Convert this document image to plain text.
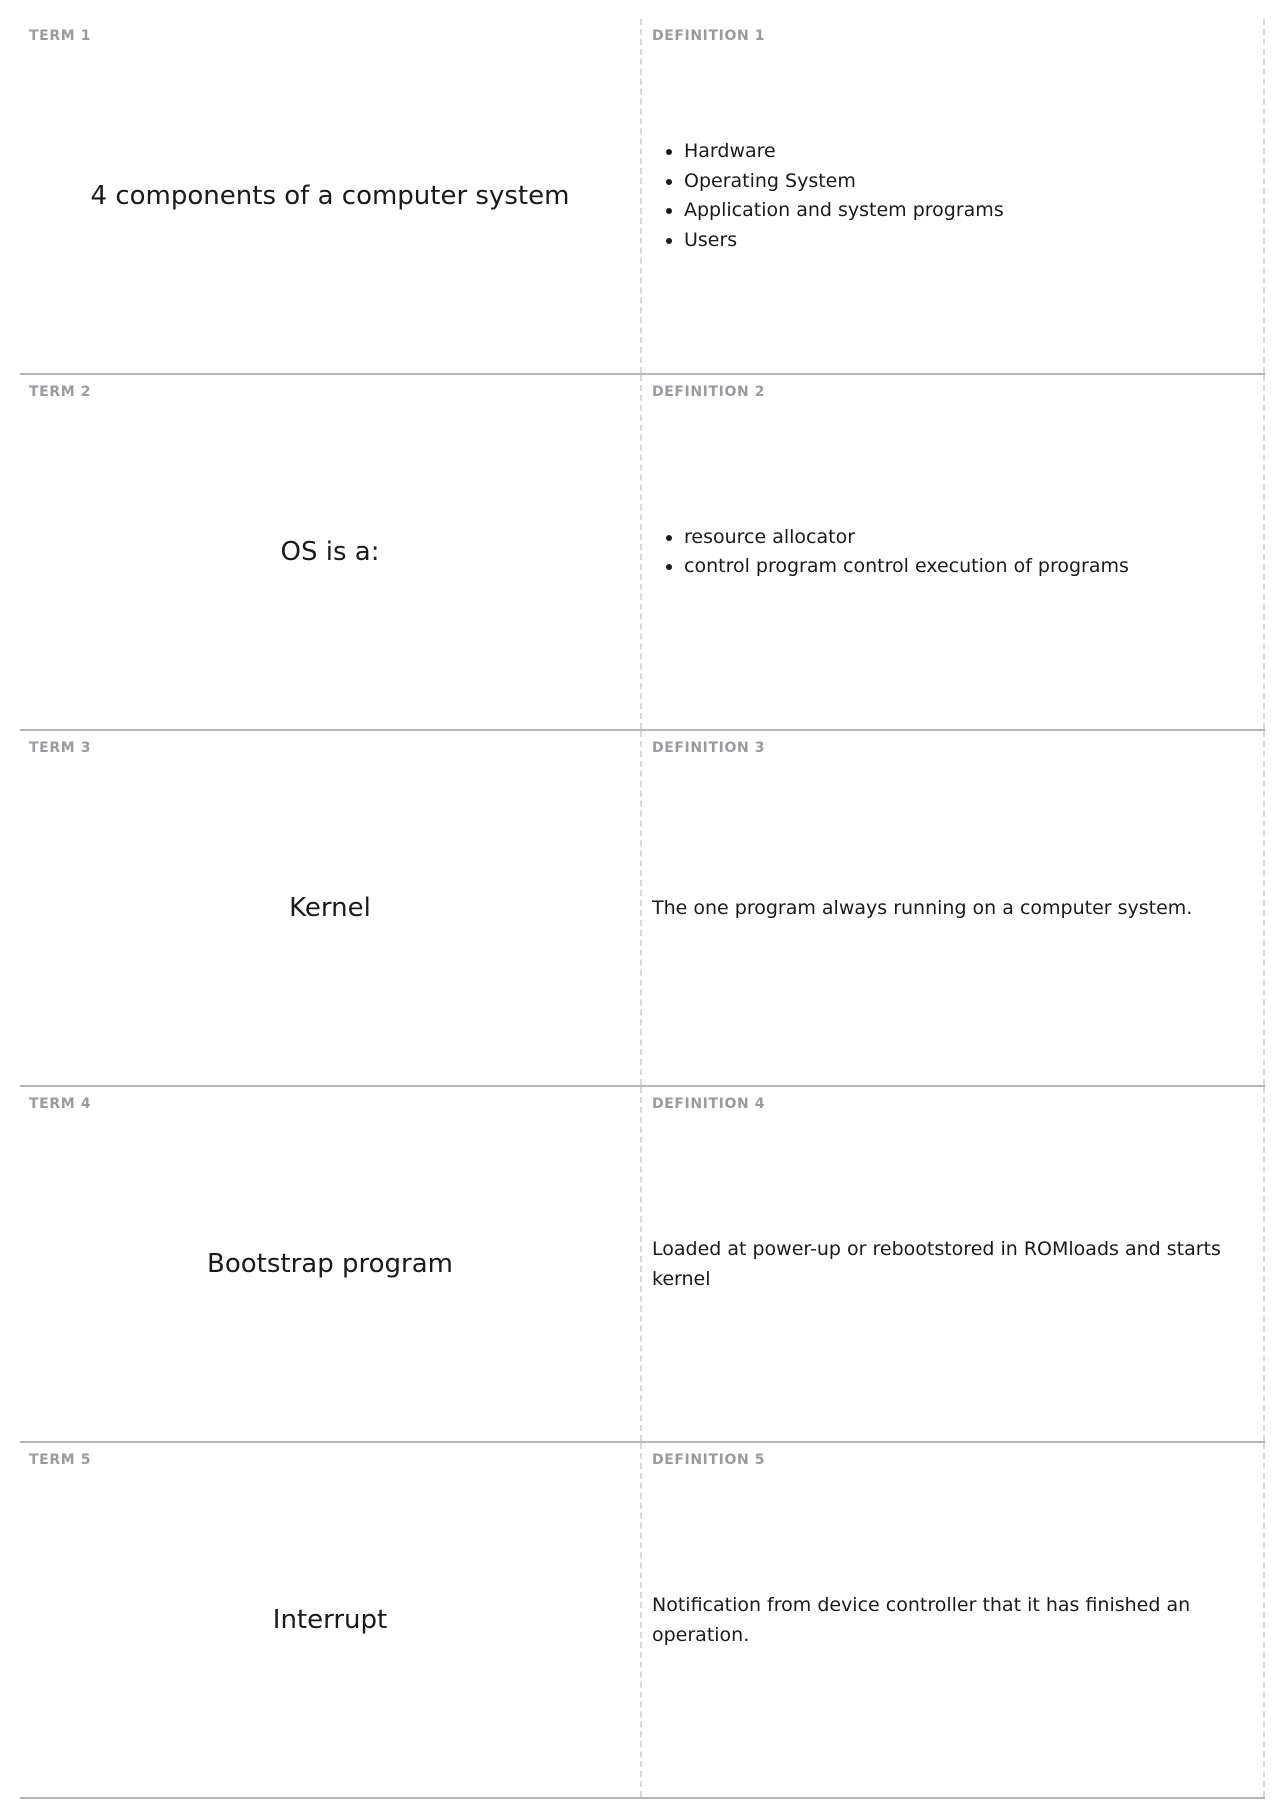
TERM 1
4 components of a computer system
DEFINITION 1
• Hardware
• Operating System
• Application and system programs
• Users
TERM 2
OS is a:
DEFINITION 2
• resource allocator
• control program control execution of programs
TERM 3
Kernel
DEFINITION 3
The one program always running on a computer system.
TERM 4
Bootstrap program
DEFINITION 4
Loaded at power-up or rebootstored in ROMloads and starts kernel
TERM 5
Interrupt
DEFINITION 5
Notification from device controller that it has finished an operation.
